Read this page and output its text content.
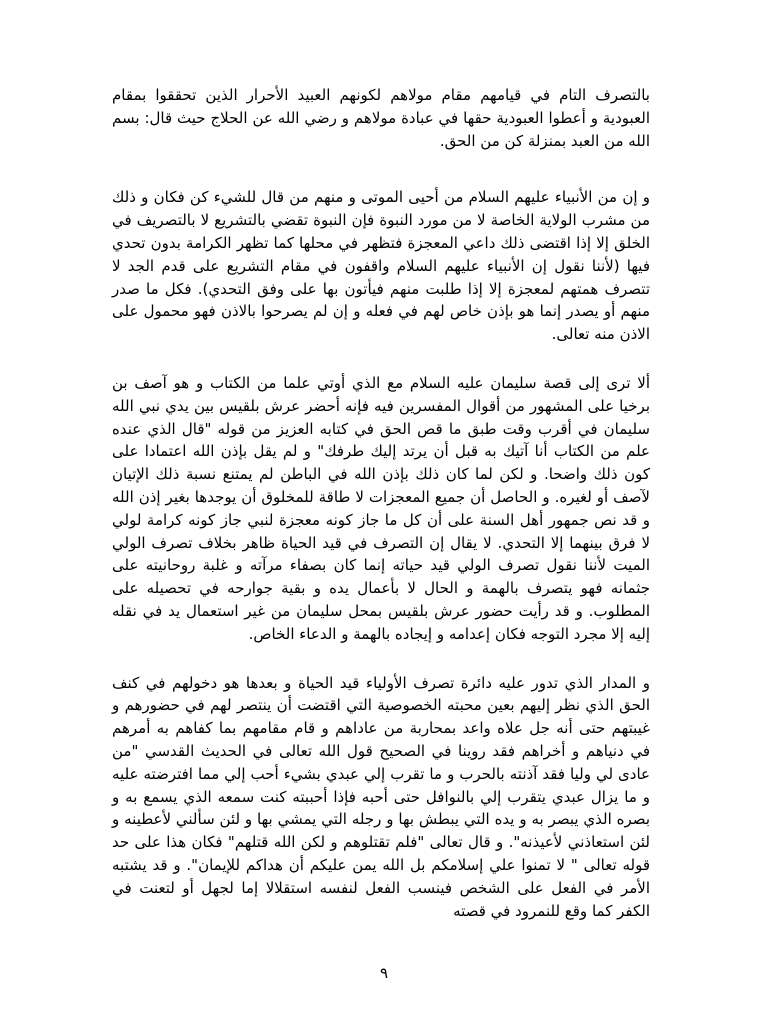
بالتصرف التام في قيامهم مقام مولاهم لكونهم العبيد الأحرار الذين تحققوا بمقام العبودية و أعطوا العبودية حقها في عبادة مولاهم و رضي الله عن الحلاج حيث قال: بسم الله من العبد بمنزلة كن من الحق.

و إن من الأنبياء عليهم السلام من أحيى الموتى و منهم من قال للشيء كن فكان و ذلك من مشرب الولاية الخاصة لا من مورد النبوة فإن النبوة تقضي بالتشريع لا بالتصريف في الخلق إلا إذا اقتضى ذلك داعي المعجزة فتظهر في محلها كما تظهر الكرامة بدون تحدي فيها (لأننا نقول إن الأنبياء عليهم السلام واقفون في مقام التشريع على قدم الجد لا تتصرف همتهم لمعجزة إلا إذا طلبت منهم فيأتون بها على وفق التحدي). فكل ما صدر منهم أو يصدر إنما هو بإذن خاص لهم في فعله و إن لم يصرحوا بالاذن فهو محمول على الاذن منه تعالى.

ألا ترى إلى قصة سليمان عليه السلام مع الذي أوتي علما من الكتاب و هو آصف بن برخيا على المشهور من أقوال المفسرين فيه فإنه أحضر عرش بلقيس بين يدي نبي الله سليمان في أقرب وقت طبق ما قص الحق في كتابه العزيز من قوله "قال الذي عنده علم من الكتاب أنا آتيك به قبل أن يرتد إليك طرفك" و لم يقل بإذن الله اعتمادا على كون ذلك واضحا. و لكن لما كان ذلك بإذن الله في الباطن لم يمتنع نسبة ذلك الإتيان لآصف أو لغيره. و الحاصل أن جميع المعجزات لا طاقة للمخلوق أن يوجدها بغير إذن الله و قد نص جمهور أهل السنة على أن كل ما جاز كونه معجزة لنبي جاز كونه كرامة لولي لا فرق بينهما إلا التحدي. لا يقال إن التصرف في قيد الحياة ظاهر بخلاف تصرف الولي الميت لأننا نقول تصرف الولي قيد حياته إنما كان بصفاء مرآته و غلبة روحانيته على جثمانه فهو يتصرف بالهمة و الحال لا بأعمال يده و بقية جوارحه في تحصيله على المطلوب. و قد رأيت حضور عرش بلقيس بمحل سليمان من غير استعمال يد في نقله إليه إلا مجرد التوجه فكان إعدامه و إيجاده بالهمة و الدعاء الخاص.

و المدار الذي تدور عليه دائرة تصرف الأولياء قيد الحياة و بعدها هو دخولهم في كنف الحق الذي نظر إليهم بعين محبته الخصوصية التي اقتضت أن ينتصر لهم في حضورهم و غيبتهم حتى أنه جل علاه واعد بمحاربة من عاداهم و قام مقامهم بما كفاهم به أمرهم في دنياهم و أخراهم فقد روينا في الصحيح قول الله تعالى في الحديث القدسي "من عادى لي وليا فقد آذنته بالحرب و ما تقرب إلي عبدي بشيء أحب إلي مما افترضته عليه و ما يزال عبدي يتقرب إلي بالنوافل حتى أحبه فإذا أحببته كنت سمعه الذي يسمع به و بصره الذي يبصر به و يده التي يبطش بها و رجله التي يمشي بها و لئن سألني لأعطينه و لئن استعاذني لأعيذنه". و قال تعالى "فلم تقتلوهم و لكن الله قتلهم" فكان هذا على حد قوله تعالى " لا تمنوا علي إسلامكم بل الله يمن عليكم أن هداكم للإيمان". و قد يشتبه الأمر في الفعل على الشخص فينسب الفعل لنفسه استقلالا إما لجهل أو لتعنت في الكفر كما وقع للنمرود في قصته

٩
